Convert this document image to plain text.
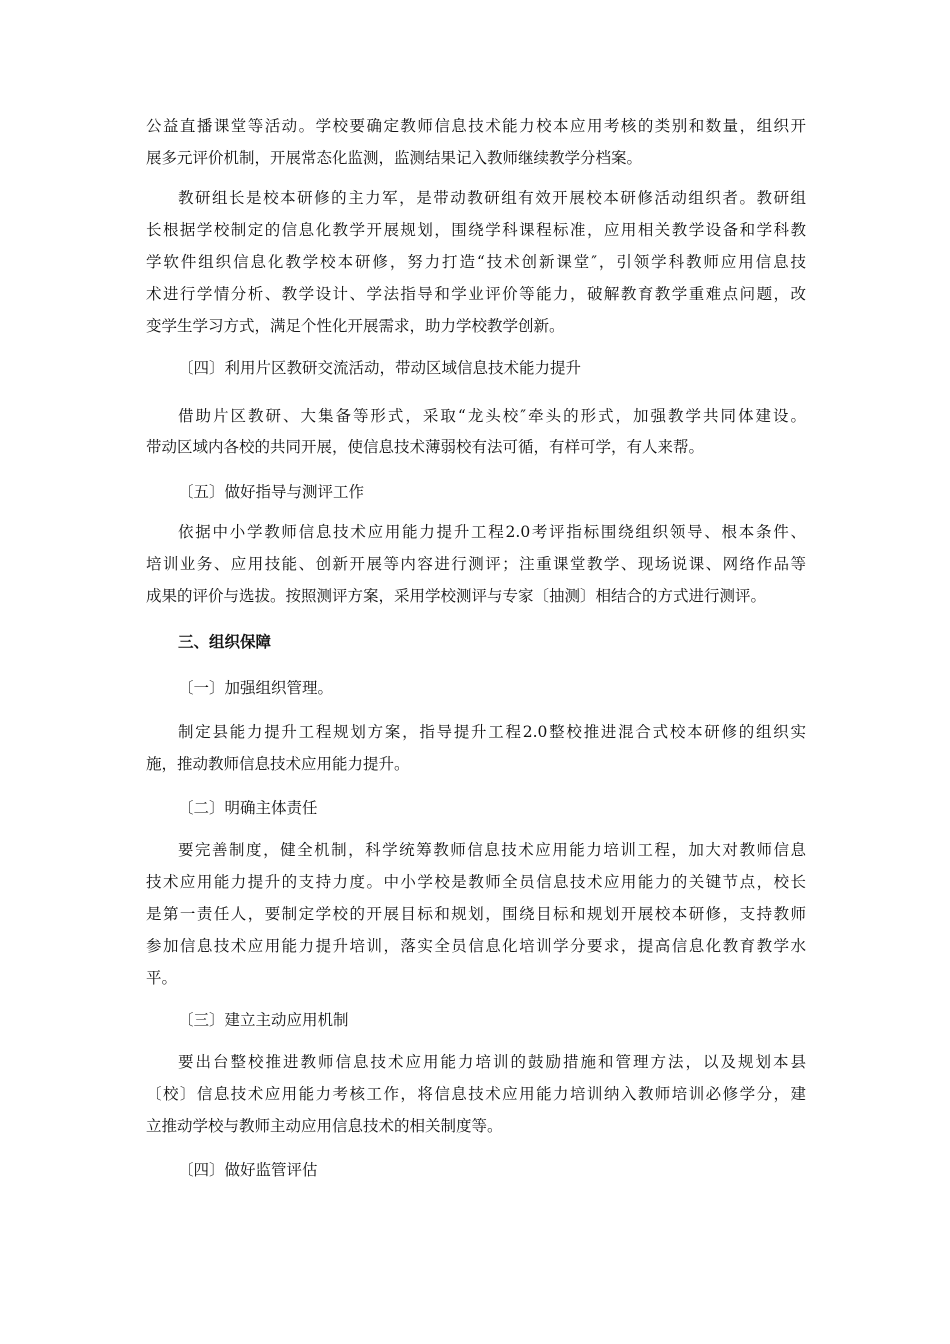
公益直播课堂等活动。学校要确定教师信息技术能力校本应用考核的类别和数量，组织开
展多元评价机制，开展常态化监测，监测结果记入教师继续教学分档案。
教研组长是校本研修的主力军，是带动教研组有效开展校本研修活动组织者。教研组
长根据学校制定的信息化教学开展规划，围绕学科课程标准，应用相关教学设备和学科教
学软件组织信息化教学校本研修，努力打造“技术创新课堂″，引领学科教师应用信息技
术进行学情分析、教学设计、学法指导和学业评价等能力，破解教育教学重难点问题，改
变学生学习方式，满足个性化开展需求，助力学校教学创新。
〔四〕利用片区教研交流活动，带动区域信息技术能力提升
借助片区教研、大集备等形式，采取“龙头校″牵头的形式，加强教学共同体建设。
带动区域内各校的共同开展，使信息技术薄弱校有法可循，有样可学，有人来帮。
〔五〕做好指导与测评工作
依据中小学教师信息技术应用能力提升工程2.0考评指标围绕组织领导、根本条件、
培训业务、应用技能、创新开展等内容进行测评；注重课堂教学、现场说课、网络作品等
成果的评价与选拔。按照测评方案，采用学校测评与专家〔抽测〕相结合的方式进行测评。
三、组织保障
〔一〕加强组织管理。
制定县能力提升工程规划方案，指导提升工程2.0整校推进混合式校本研修的组织实
施，推动教师信息技术应用能力提升。
〔二〕明确主体责任
要完善制度，健全机制，科学统筹教师信息技术应用能力培训工程，加大对教师信息
技术应用能力提升的支持力度。中小学校是教师全员信息技术应用能力的关键节点，校长
是第一责任人，要制定学校的开展目标和规划，围绕目标和规划开展校本研修，支持教师
参加信息技术应用能力提升培训，落实全员信息化培训学分要求，提高信息化教育教学水
平。
〔三〕建立主动应用机制
要出台整校推进教师信息技术应用能力培训的鼓励措施和管理方法，以及规划本县
〔校〕信息技术应用能力考核工作，将信息技术应用能力培训纳入教师培训必修学分，建
立推动学校与教师主动应用信息技术的相关制度等。
〔四〕做好监管评估
